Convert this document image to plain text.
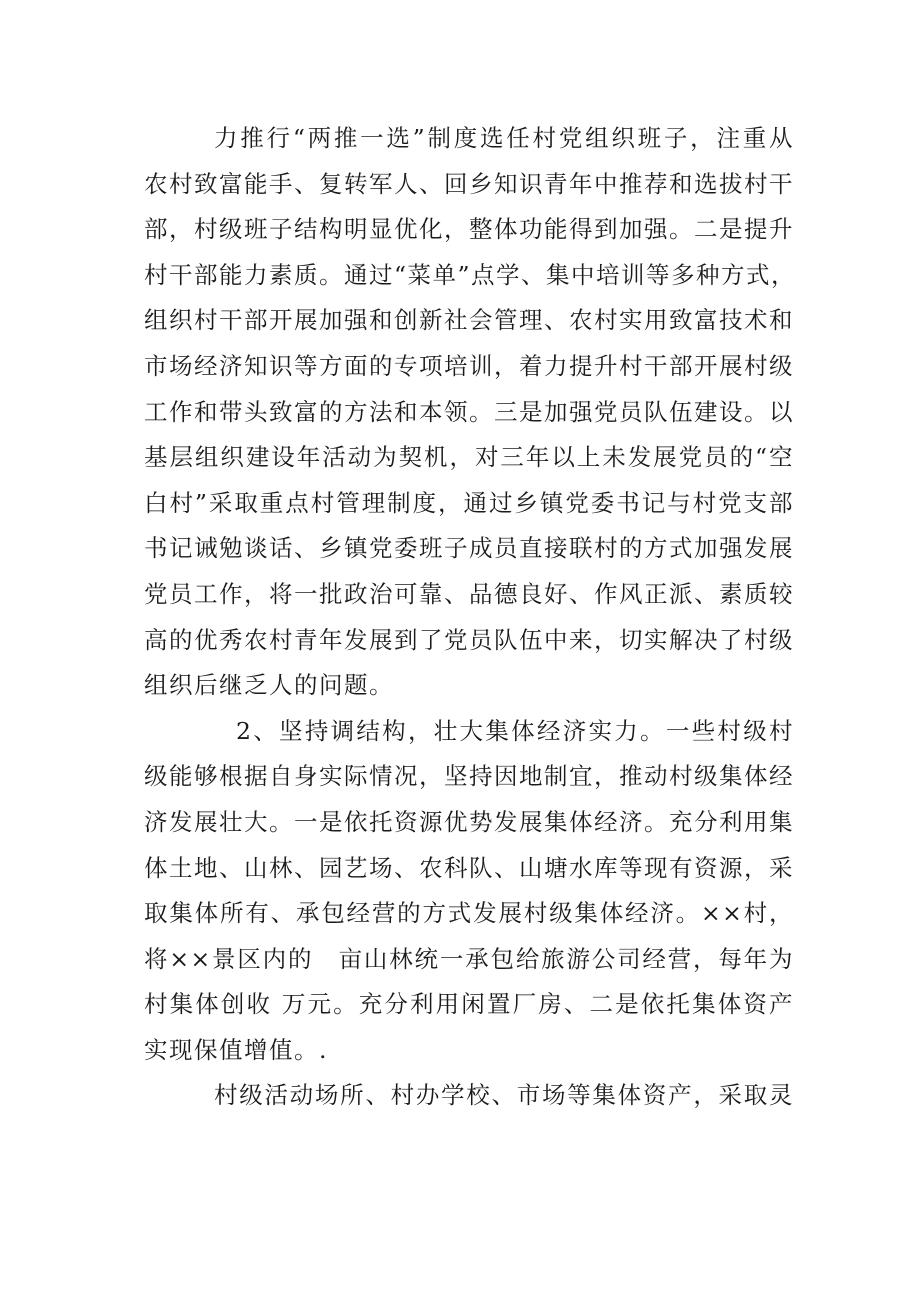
力推行“两推一选”制度选任村党组织班子，注重从
农村致富能手、复转军人、回乡知识青年中推荐和选拔村干
部，村级班子结构明显优化，整体功能得到加强。二是提升
村干部能力素质。通过“菜单”点学、集中培训等多种方式，
组织村干部开展加强和创新社会管理、农村实用致富技术和
市场经济知识等方面的专项培训，着力提升村干部开展村级
工作和带头致富的方法和本领。三是加强党员队伍建设。以
基层组织建设年活动为契机，对三年以上未发展党员的“空
白村”采取重点村管理制度，通过乡镇党委书记与村党支部
书记诫勉谈话、乡镇党委班子成员直接联村的方式加强发展
党员工作，将一批政治可靠、品德良好、作风正派、素质较
高的优秀农村青年发展到了党员队伍中来，切实解决了村级
组织后继乏人的问题。
2、坚持调结构，壮大集体经济实力。一些村级村
级能够根据自身实际情况，坚持因地制宜，推动村级集体经
济发展壮大。一是依托资源优势发展集体经济。充分利用集
体土地、山林、园艺场、农科队、山塘水库等现有资源，采
取集体所有、承包经营的方式发展村级集体经济。××村，
将××景区内的　亩山林统一承包给旅游公司经营，每年为
村集体创收 万元。充分利用闲置厂房、二是依托集体资产
实现保值增值。.
村级活动场所、村办学校、市场等集体资产，采取灵
